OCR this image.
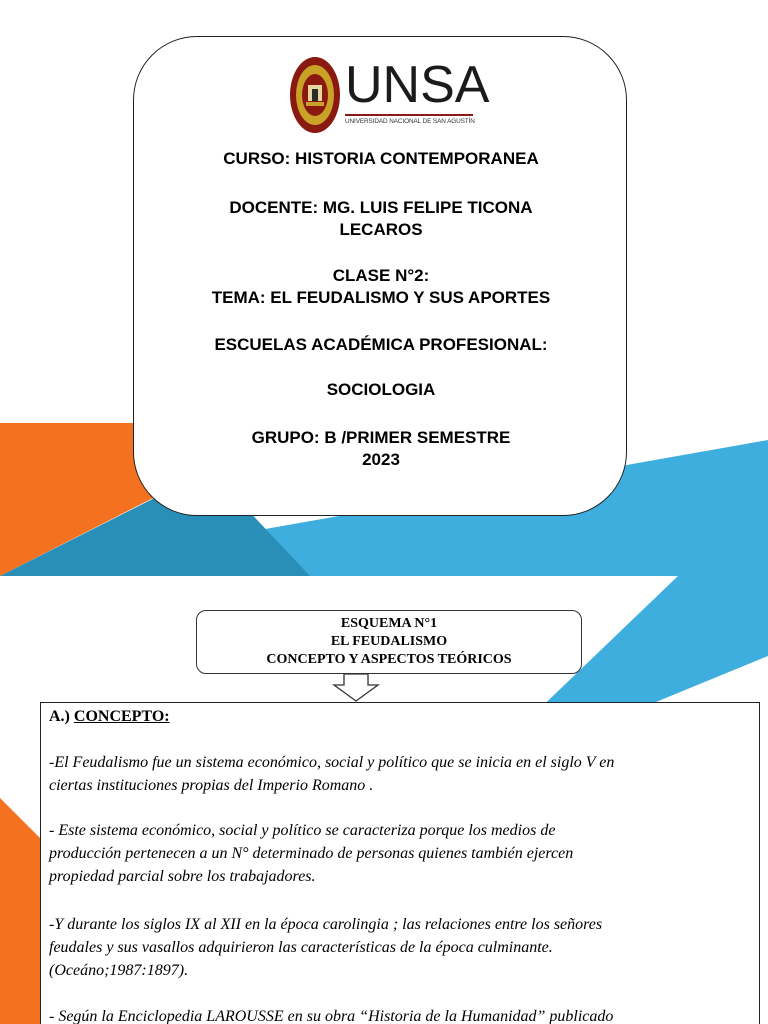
UNSA
UNIVERSIDAD NACIONAL DE SAN AGUSTÍN
CURSO: HISTORIA CONTEMPORANEA
DOCENTE: MG. LUIS FELIPE TICONA
LECAROS
CLASE N°2:
TEMA: EL FEUDALISMO Y SUS APORTES
ESCUELAS ACADÉMICA PROFESIONAL:
SOCIOLOGIA
GRUPO: B /PRIMER SEMESTRE
2023
ESQUEMA N°1
EL FEUDALISMO
CONCEPTO Y ASPECTOS TEÓRICOS
A.) CONCEPTO:
-El Feudalismo fue un sistema económico, social y político que se inicia en el siglo V en
ciertas instituciones propias del Imperio Romano .
- Este sistema económico, social y político se caracteriza porque los medios de
producción pertenecen a un N° determinado de personas quienes también ejercen
propiedad parcial sobre los trabajadores.
-Y durante los siglos IX al XII en la época carolingia ; las relaciones entre los señores
feudales y sus vasallos adquirieron las características de la época culminante.
(Oceáno;1987:1897).
- Según la Enciclopedia LAROUSSE en su obra “Historia de la Humanidad” publicado
